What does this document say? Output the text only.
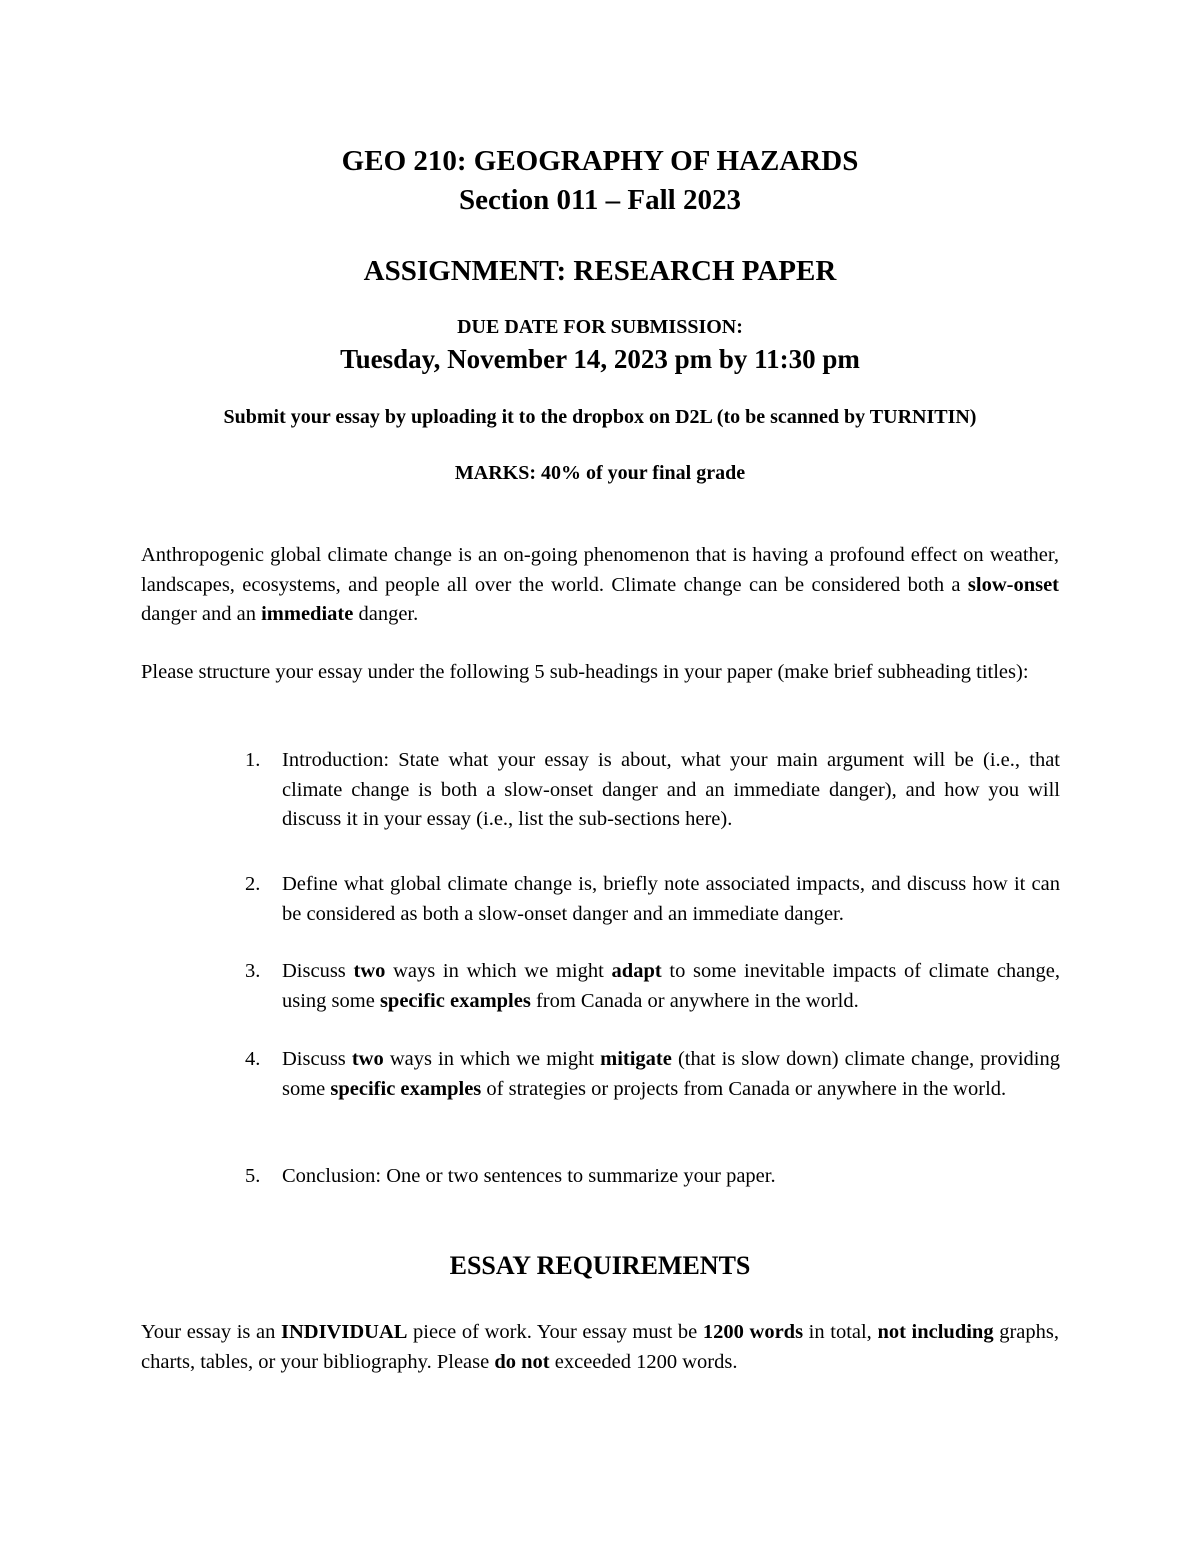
GEO 210: GEOGRAPHY OF HAZARDS
Section 011 – Fall 2023
ASSIGNMENT: RESEARCH PAPER
DUE DATE FOR SUBMISSION:
Tuesday, November 14, 2023 pm by 11:30 pm
Submit your essay by uploading it to the dropbox on D2L (to be scanned by TURNITIN)
MARKS: 40% of your final grade
Anthropogenic global climate change is an on-going phenomenon that is having a profound effect on weather, landscapes, ecosystems, and people all over the world. Climate change can be considered both a slow-onset danger and an immediate danger.
Please structure your essay under the following 5 sub-headings in your paper (make brief subheading titles):
1.	Introduction: State what your essay is about, what your main argument will be (i.e., that climate change is both a slow-onset danger and an immediate danger), and how you will discuss it in your essay (i.e., list the sub-sections here).
2.	Define what global climate change is, briefly note associated impacts, and discuss how it can be considered as both a slow-onset danger and an immediate danger.
3.	Discuss two ways in which we might adapt to some inevitable impacts of climate change, using some specific examples from Canada or anywhere in the world.
4.	Discuss two ways in which we might mitigate (that is slow down) climate change, providing some specific examples of strategies or projects from Canada or anywhere in the world.
5.	Conclusion: One or two sentences to summarize your paper.
ESSAY REQUIREMENTS
Your essay is an INDIVIDUAL piece of work. Your essay must be 1200 words in total, not including graphs, charts, tables, or your bibliography. Please do not exceeded 1200 words.
